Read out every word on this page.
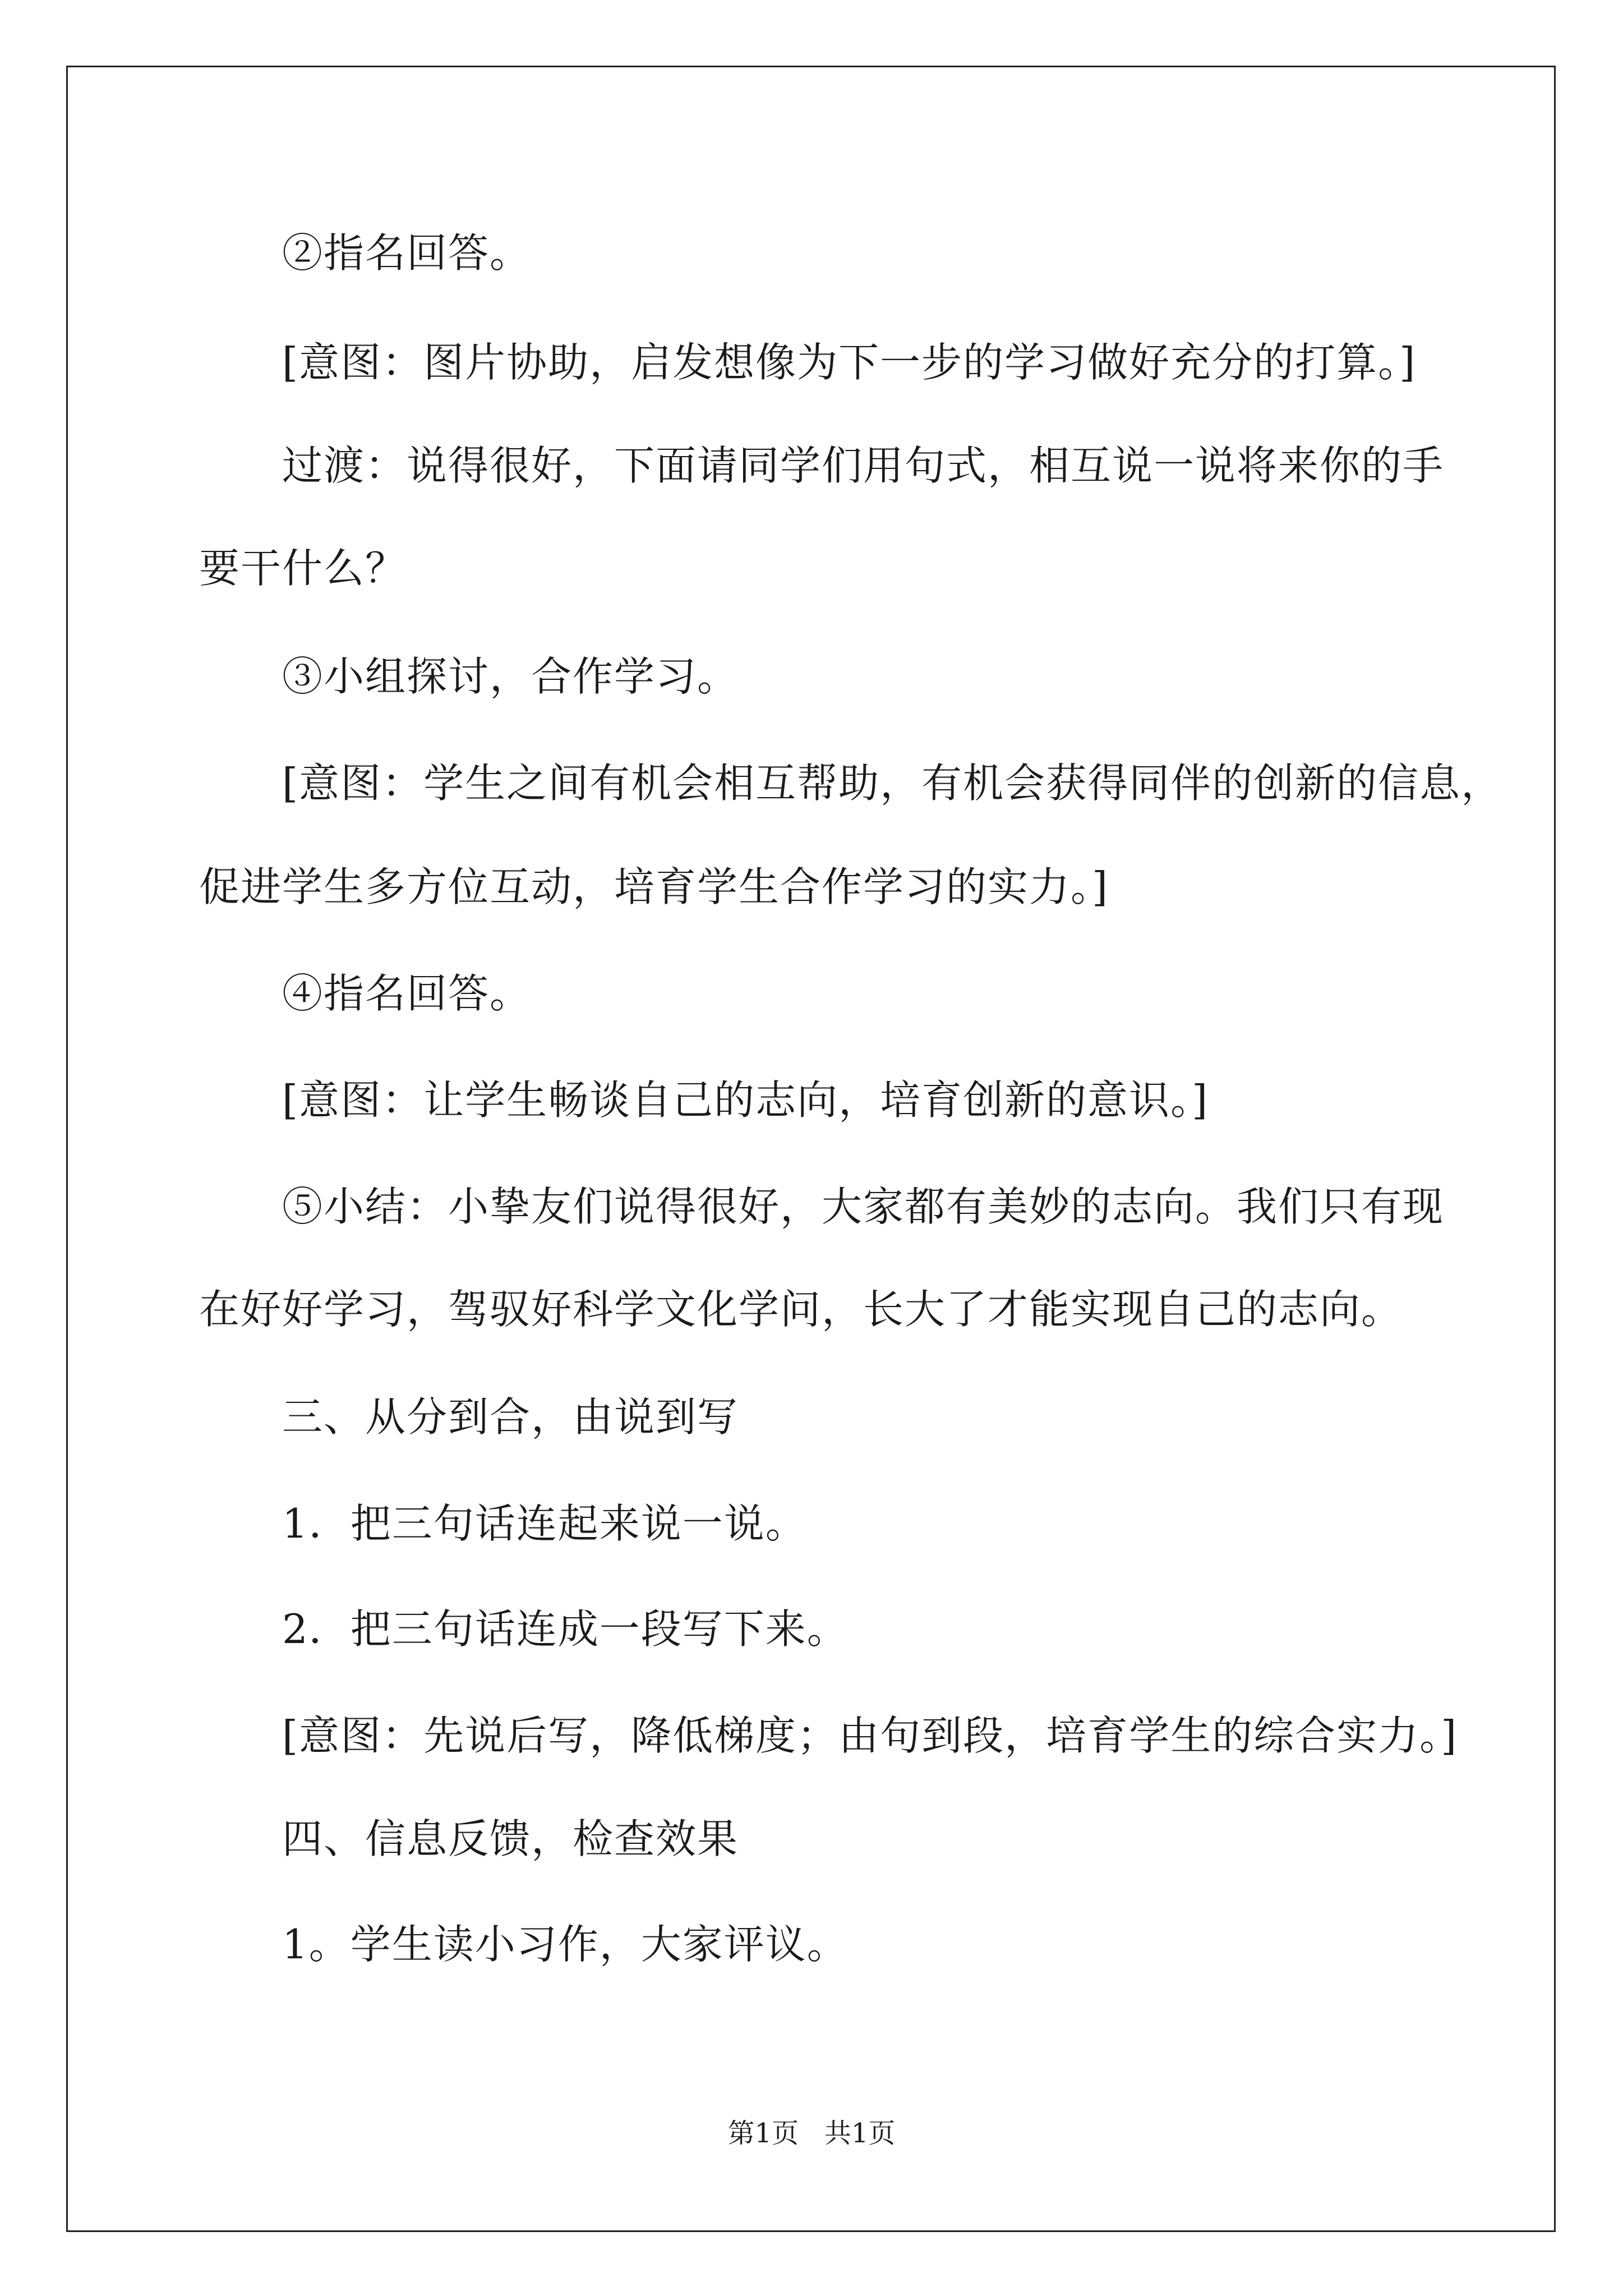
②指名回答。
[意图：图片协助，启发想像为下一步的学习做好充分的打算。]
过渡：说得很好，下面请同学们用句式，相互说一说将来你的手
要干什么？
③小组探讨，合作学习。
[意图：学生之间有机会相互帮助，有机会获得同伴的创新的信息，
促进学生多方位互动，培育学生合作学习的实力。]
④指名回答。
[意图：让学生畅谈自己的志向，培育创新的意识。]
⑤小结：小挚友们说得很好，大家都有美妙的志向。我们只有现
在好好学习，驾驭好科学文化学问，长大了才能实现自己的志向。
三、从分到合，由说到写
1．把三句话连起来说一说。
2．把三句话连成一段写下来。
[意图：先说后写，降低梯度；由句到段，培育学生的综合实力。]
四、信息反馈，检查效果
1。学生读小习作，大家评议。
第1页   共1页
